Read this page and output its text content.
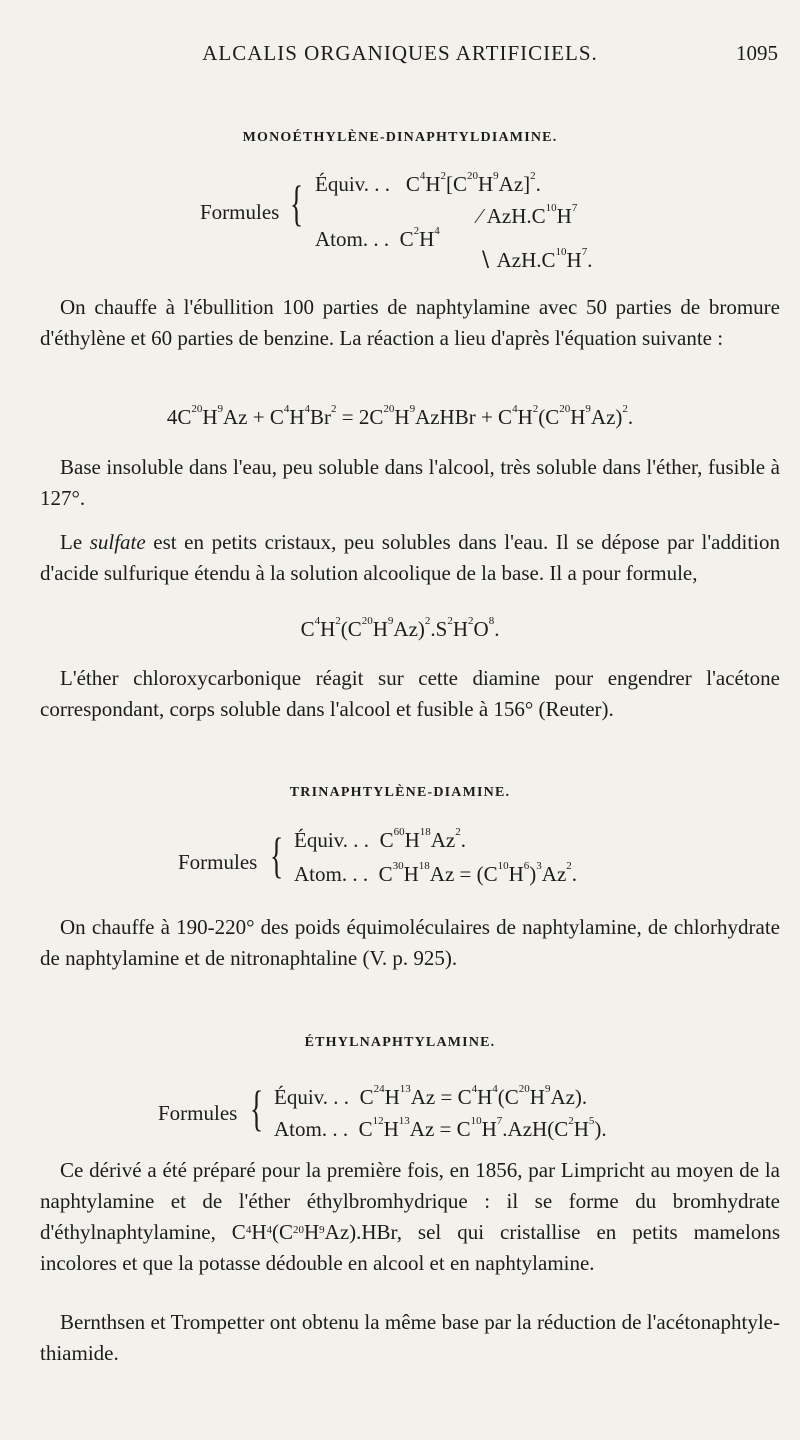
ALCALIS ORGANIQUES ARTIFICIELS.	1095
MONOÉTHYLÈNE-DINAPHTYLDIAMINE.
Formules { Équiv. . .   $C^4H^2[C^{20}H^9Az]^2$.
Atom. . .  $C^2H^4$
⁄ $AzH.C^{10}H^7$
∖ $AzH.C^{10}H^7$.

On chauffe à l'ébullition 100 parties de naphtylamine avec 50 parties de bromure d'éthylène et 60 parties de benzine. La réaction a lieu d'après l'équation suivante :

$4C^{20}H^9Az + C^4H^4Br^2$ = $2C^{20}H^9AzHBr + C^4H^2(C^{20}H^9Az)^2$.

Base insoluble dans l'eau, peu soluble dans l'alcool, très soluble dans l'éther, fusible à 127°.

Le sulfate est en petits cristaux, peu solubles dans l'eau. Il se dépose par l'addition d'acide sulfurique étendu à la solution alcoolique de la base. Il a pour formule,

$C^4H^2(C^{20}H^9Az)^2.S^2H^2O^8$.

L'éther chloroxycarbonique réagit sur cette diamine pour engendrer l'acétone correspondant, corps soluble dans l'alcool et fusible à 156° (Reuter).

TRINAPHTYLÈNE-DIAMINE.
Formules { Équiv. . .  $C^{60}H^{18}Az^2$.
Atom. . .  $C^{30}H^{18}Az = (C^{10}H^6)^3Az^2$.

On chauffe à 190-220° des poids équimoléculaires de naphtylamine, de chlorhydrate de naphtylamine et de nitronaphtaline (V. p. 925).

ÉTHYLNAPHTYLAMINE.
Formules { Équiv. . .  $C^{24}H^{13}Az = C^4H^4(C^{20}H^9Az)$.
Atom. . .  $C^{12}H^{13}Az = C^{10}H^7.AzH(C^2H^5)$.

Ce dérivé a été préparé pour la première fois, en 1856, par Limpricht au moyen de la naphtylamine et de l'éther éthylbromhydrique : il se forme du bromhydrate d'éthylnaphtylamine, $C^4H^4(C^{20}H^9Az).HBr$, sel qui cristallise en petits mamelons incolores et que la potasse dédouble en alcool et en naphtylamine.

Bernthsen et Trompetter ont obtenu la même base par la réduction de l'acétonaphtyle-thiamide.
